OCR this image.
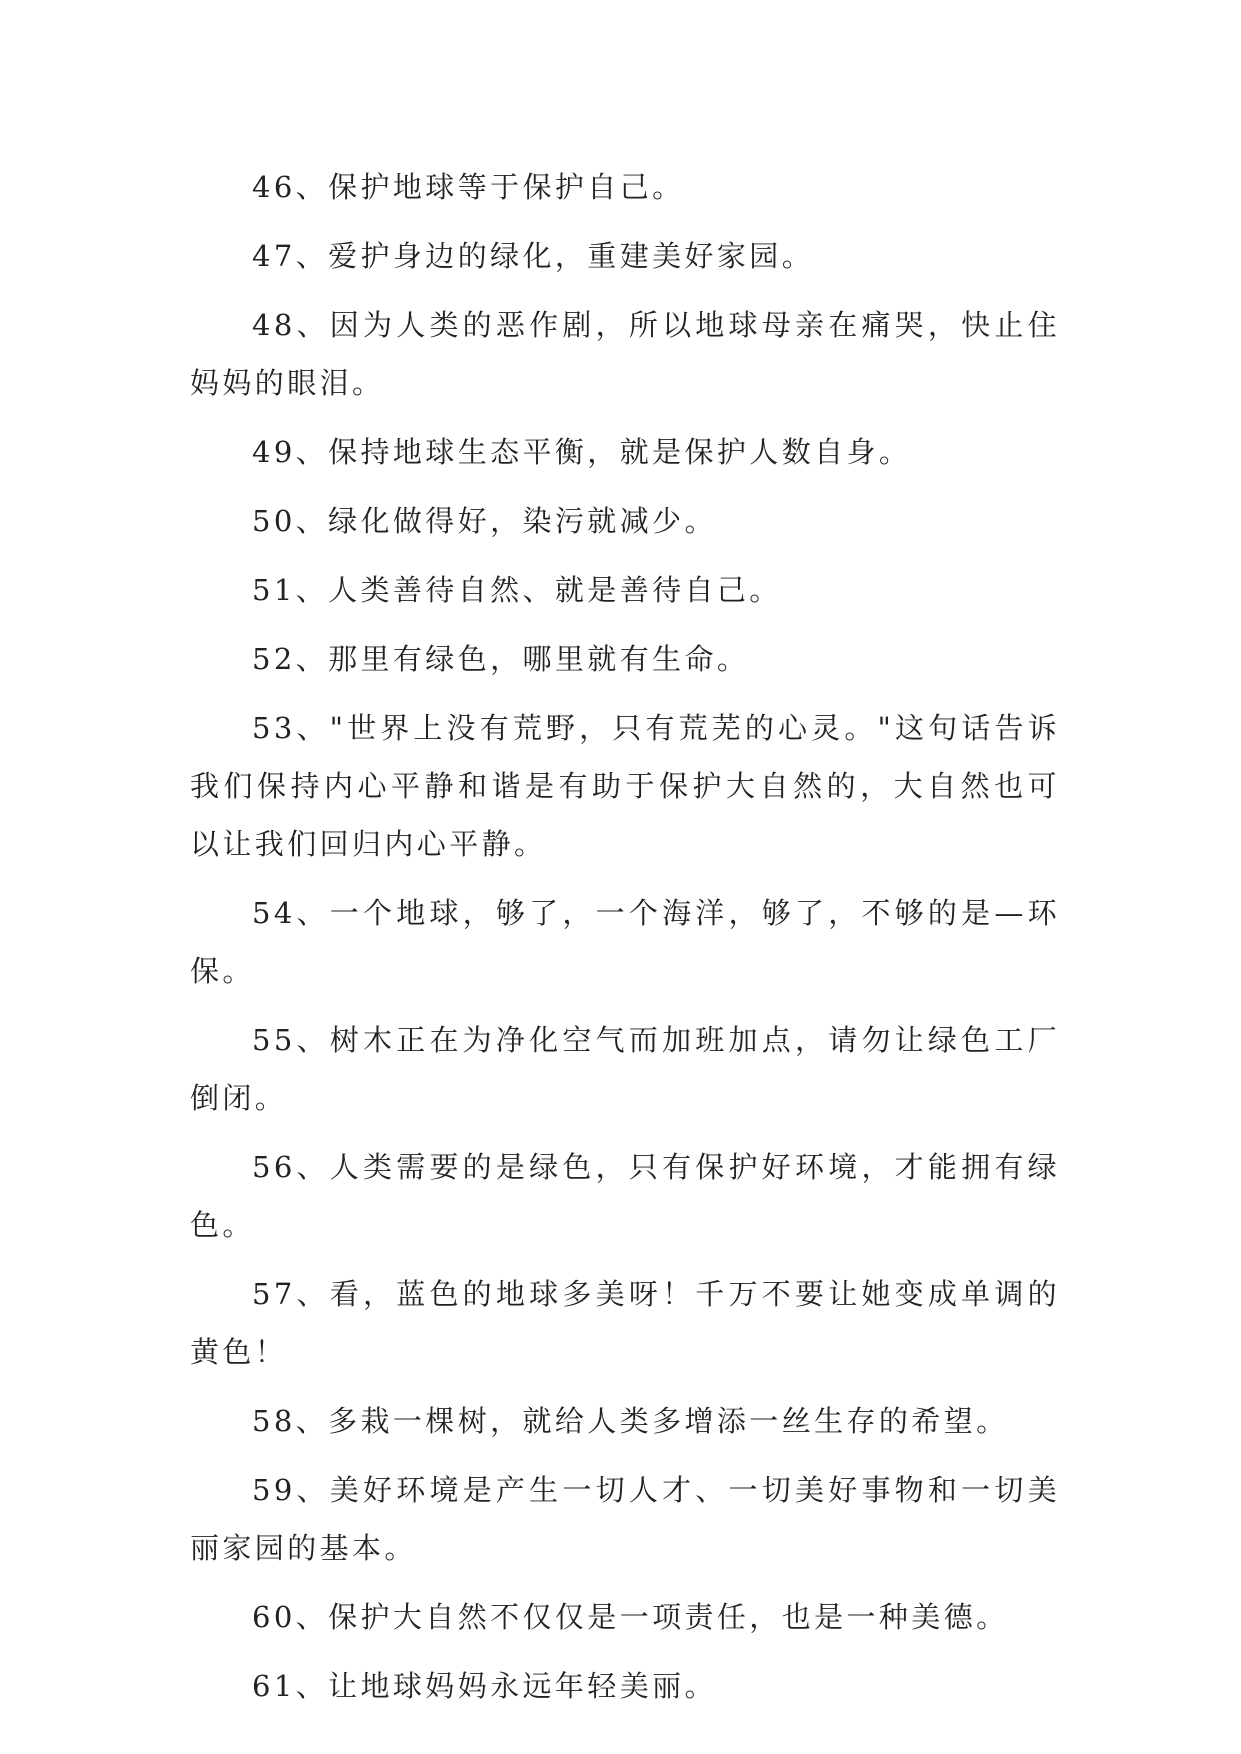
46、保护地球等于保护自己。

47、爱护身边的绿化，重建美好家园。

48、因为人类的恶作剧，所以地球母亲在痛哭，快止住妈妈的眼泪。

49、保持地球生态平衡，就是保护人数自身。

50、绿化做得好，染污就减少。

51、人类善待自然、就是善待自己。

52、那里有绿色，哪里就有生命。

53、"世界上没有荒野，只有荒芜的心灵。"这句话告诉我们保持内心平静和谐是有助于保护大自然的，大自然也可以让我们回归内心平静。

54、一个地球，够了，一个海洋，够了，不够的是—环保。

55、树木正在为净化空气而加班加点，请勿让绿色工厂倒闭。

56、人类需要的是绿色，只有保护好环境，才能拥有绿色。

57、看，蓝色的地球多美呀！千万不要让她变成单调的黄色！

58、多栽一棵树，就给人类多增添一丝生存的希望。

59、美好环境是产生一切人才、一切美好事物和一切美丽家园的基本。

60、保护大自然不仅仅是一项责任，也是一种美德。

61、让地球妈妈永远年轻美丽。
